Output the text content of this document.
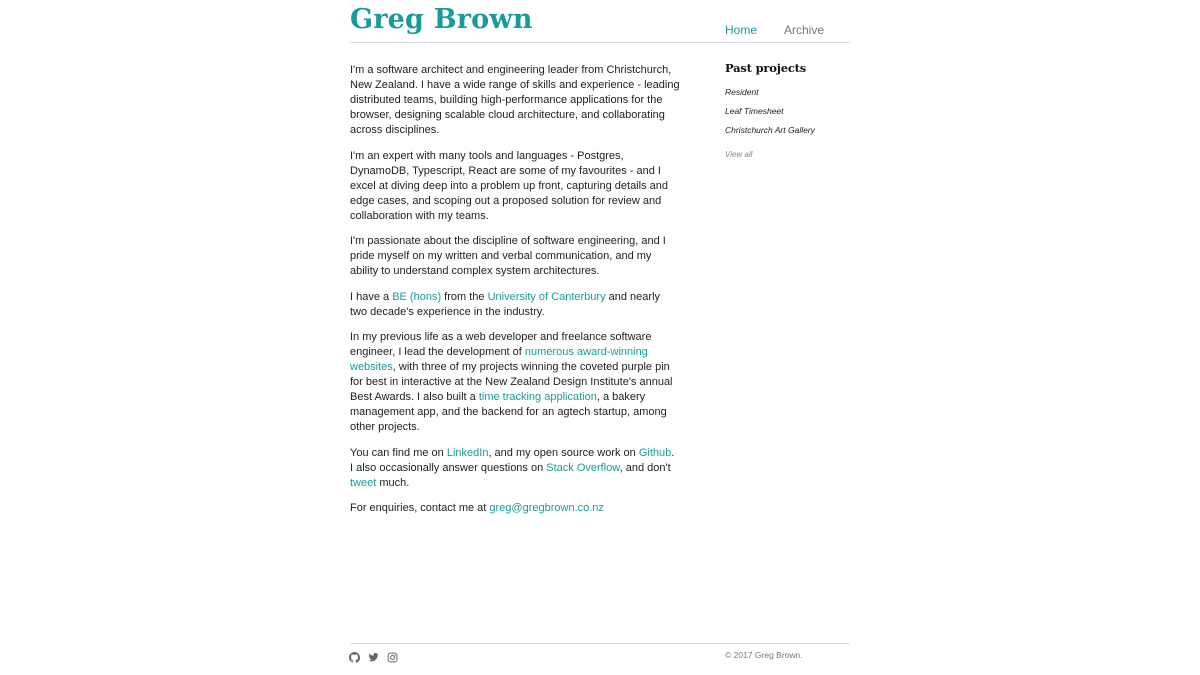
Greg Brown	Home Archive

I'm a software architect and engineering leader from Christchurch, New Zealand. I have a wide range of skills and experience - leading distributed teams, building high-performance applications for the browser, designing scalable cloud architecture, and collaborating across disciplines.

I'm an expert with many tools and languages - Postgres, DynamoDB, Typescript, React are some of my favourites - and I excel at diving deep into a problem up front, capturing details and edge cases, and scoping out a proposed solution for review and collaboration with my teams.

I'm passionate about the discipline of software engineering, and I pride myself on my written and verbal communication, and my ability to understand complex system architectures.

I have a BE (hons) from the University of Canterbury and nearly two decade's experience in the industry.

In my previous life as a web developer and freelance software engineer, I lead the development of numerous award-winning websites, with three of my projects winning the coveted purple pin for best in interactive at the New Zealand Design Institute's annual Best Awards. I also built a time tracking application, a bakery management app, and the backend for an agtech startup, among other projects.

You can find me on LinkedIn, and my open source work on Github. I also occasionally answer questions on Stack Overflow, and don't tweet much.

For enquiries, contact me at greg@gregbrown.co.nz

Past projects
Resident
Leaf Timesheet
Christchurch Art Gallery
View all
© 2017 Greg Brown.
